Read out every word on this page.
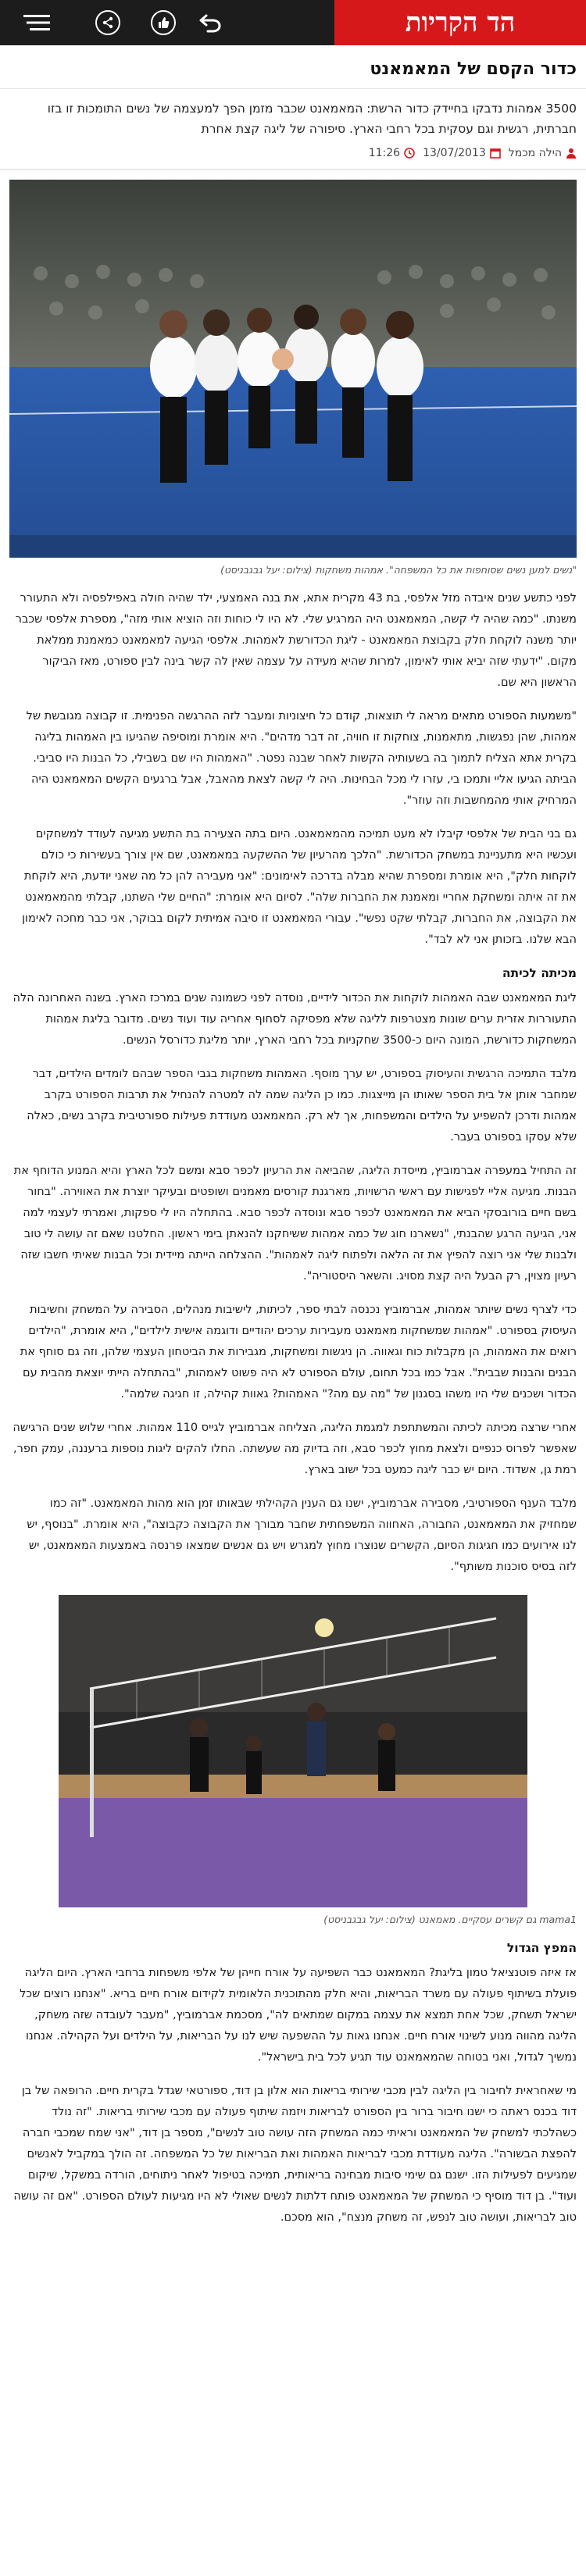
הד הקריות
כדור הקסם של המאמאנט

3500 אמהות נדבקו בחיידק כדור הרשת: המאמאנט שכבר מזמן הפך למעצמה של נשים התומכות זו בזו חברתית, רגשית וגם עסקית בכל רחבי הארץ. סיפורה של ליגה קצת אחרת

הילה מכמל
13/07/2013
11:26

"נשים למען נשים שסוחפות את כל המשפחה". אמהות משחקות (צילום: יעל גבגבניסט)

לפני כתשע שנים איבדה מזל אלפסי, בת 43 מקרית אתא, את בנה האמצעי, ילד שהיה חולה באפילפסיה ולא התעורר משנתו. "כמה שהיה לי קשה, המאמאנט היה המרגיע שלי. לא היו לי כוחות וזה הוציא אותי מזה", מספרת אלפסי שכבר יותר משנה לוקחת חלק בקבוצת המאמאנט - ליגת הכדורשת לאמהות. אלפסי הגיעה למאמאנט כמאמנת ממלאת מקום. "ידעתי שזה יביא אותי לאימון, למרות שהיא מעידה על עצמה שאין לה קשר בינה לבין ספורט, מאז הביקור הראשון היא שם.

"משמעות הספורט מתאים מראה לי תוצאות, קודם כל חיצוניות ומעבר לזה ההרגשה הפנימית. זו קבוצה מגובשת של אמהות, שהן נפגשות, מתאמנות, צוחקות זו חוויה, זה דבר מדהים". היא אומרת ומוסיפה שהגיעו בין האמהות בליגה בקרית אתא הצליח לתמוך בה בשעותיה הקשות לאחר שבנה נפטר. "האמהות היו שם בשבילי, כל הבנות היו סביבי. הביתה הגיעו אליי ותמכו בי, עזרו לי מכל הבחינות. היה לי קשה לצאת מהאבל, אבל ברגעים הקשים המאמאנט היה המרחיק אותי מהמחשבות וזה עוזר".

גם בני הבית של אלפסי קיבלו לא מעט תמיכה מהמאמאנט. היום בתה הצעירה בת התשע מגיעה לעודד למשחקים ועכשיו היא מתעניינת במשחק הכדורשת. "הלכך מהרעיון של ההשקעה במאמאנט, שם אין צורך בעשירות כי כולם לוקחות חלק", היא אומרת ומספרת שהיא מבלה בדרכה לאימונים: "אני מעבירה להן כל מה שאני יודעת, היא לוקחת את זה איתה ומשחקת אחריי ומאמנת את החברות שלה". לסיום היא אומרת: "החיים שלי השתנו, קבלתי מהמאמאנט את הקבוצה, את החברות, קבלתי שקט נפשי". עבורי המאמאנט זו סיבה אמיתית לקום בבוקר, אני כבר מחכה לאימון הבא שלנו. בזכותן אני לא לבד".

מכיתה לכיתה

ליגת המאמאנט שבה האמהות לוקחות את הכדור לידיים, נוסדה לפני כשמונה שנים במרכז הארץ. בשנה האחרונה הלה התעוררות אזרית ערים שונות מצטרפות לליגה שלא מפסיקה לסחוף אחריה עוד ועוד נשים. מדובר בליגת אמהות המשחקות כדורשת, המונה היום כ-3500 שחקניות בכל רחבי הארץ, יותר מליגת כדורסל הנשים.

מלבד התמיכה הרגשית והעיסוק בספורט, יש ערך מוסף. האמהות משחקות בגבי הספר שבהם לומדים הילדים, דבר שמחבר אותן אל בית הספר שאותו הן מייצגות. כמו כן הליגה שמה לה למטרה להנחיל את תרבות הספורט בקרב אמהות ודרכן להשפיע על הילדים והמשפחות, אך לא רק. המאמאנט מעודדת פעילות ספורטיבית בקרב נשים, כאלה שלא עסקו בספורט בעבר.

זה התחיל במעפרה אברמוביץ, מייסדת הליגה, שהביאה את הרעיון לכפר סבא ומשם לכל הארץ והיא המנוע הדוחף את הבנות. מגיעה אליי לפגישות עם ראשי הרשויות, מארגנת קורסים מאמנים ושופטים ובעיקר יוצרת את האווירה. "בחור בשם חיים בורובסקי הביא את המאמאנט לכפר סבא ונוסדה לכפר סבא. בהתחלה היו לי ספקות, ואמרתי לעצמי למה אני, הגיעה הרגע שהבנתי, "נשארנו חוג של כמה אמהות ששיחקנו להנאתן בימי ראשון. החלטנו שאם זה עושה לי טוב ולבנות שלי אני רוצה להפיץ את זה הלאה ולפתוח ליגה לאמהות". ההצלחה הייתה מיידית וכל הבנות שאיתי חשבו שזה רעיון מצוין, רק הבעל היה קצת מסויג. והשאר היסטוריה".

כדי לצרף נשים שיותר אמהות, אברמוביץ נכנסה לבתי ספר, לכיתות, לישיבות מנהלים, הסבירה על המשחק וחשיבות העיסוק בספורט. "אמהות שמשחקות מאמאנט מעבירות ערכים יהודיים ודוגמה אישית לילדים", היא אומרת, "הילדים רואים את האמהות, הן מקבלות כוח וגאווה. הן ניגשות ומשחקות, מגבירות את הביטחון העצמי שלהן, וזה גם סוחף את הבנים והבנות שבבית". אבל כמו בכל תחום, עולם הספורט לא היה פשוט לאמהות, "בהתחלה הייתי יוצאת מהבית עם הכדור ושכנים שלי היו משהו בסגנון של "מה עם מה?" האמהות? גאוות קהילה, זו חגיגה שלמה".

אחרי שרצה מכיתה לכיתה והמשתתפת למגמת הליגה, הצליחה אברמוביץ לגייס 110 אמהות. אחרי שלוש שנים הרגישה שאפשר לפרוס כנפיים ולצאת מחוץ לכפר סבא, וזה בדיוק מה שעשתה. החלו להקים ליגות נוספות ברעננה, עמק חפר, רמת גן, אשדוד. היום יש כבר ליגה כמעט בכל ישוב בארץ.

מלבד הענף הספורטיבי, מסבירה אברמוביץ, ישנו גם הענין הקהילתי שבאותו זמן הוא מהות המאמאנט. "זה כמו שמחזיק את המאמאנט, החבורה, האחווה המשפחתית שחבר מבורך את הקבוצה כקבוצה", היא אומרת. "בנוסף, יש לנו אירועים כמו חגיגות הסיום, הקשרים שנוצרו מחוץ למגרש ויש גם אנשים שמצאו פרנסה באמצעות המאמאנט, יש לזה בסיס סוכנות משותף".

mama1 גם קשרים עסקיים. מאמאנט (צילום: יעל גבגבניסט)

המפץ הגדול

אז איזה פוטנציאל טמון בליגת? המאמאנט כבר השפיעה על אורח חייהן של אלפי משפחות ברחבי הארץ. היום הליגה פועלת בשיתוף פעולה עם משרד הבריאות, והיא חלק מהתוכנית הלאומית לקידום אורח חיים בריא. "אנחנו רוצים שכל ישראל תשחק, שכל אחת תמצא את עצמה במקום שמתאים לה", מסכמת אברמוביץ, "מעבר לעובדה שזה משחק, הליגה מהווה מנוע לשינוי אורח חיים. אנחנו גאות על ההשפעה שיש לנו על הבריאות, על הילדים ועל הקהילה. אנחנו נמשיך לגדול, ואני בטוחה שהמאמאנט עוד תגיע לכל בית בישראל".

מי שאחראית לחיבור בין הליגה לבין מכבי שירותי בריאות הוא אלון בן דוד, ספורטאי שגדל בקרית חיים. הרופאה של בן דוד בכנס ראתה כי ישנו חיבור ברור בין הספורט לבריאות ויזמה שיתוף פעולה עם מכבי שירותי בריאות. "זה נולד כשהלכתי למשחק של המאמאנט וראיתי כמה המשחק הזה עושה טוב לנשים", מספר בן דוד, "אני שמח שמכבי חברה להפצת הבשורה". הליגה מעודדת מכבי לבריאות האמהות ואת הבריאות של כל המשפחה. זה הולך במקביל לאנשים שמגיעים לפעילות הזו. ישנם גם שימי סיבות מבחינה בריאותית, תמיכה בטיפול לאחר ניתוחים, הורדה במשקל, שיקום ועוד". בן דוד מוסיף כי המשחק של המאמאנט פותח דלתות לנשים שאולי לא היו מגיעות לעולם הספורט. "אם זה עושה טוב לבריאות, ועושה טוב לנפש, זה משחק מנצח", הוא מסכם.
